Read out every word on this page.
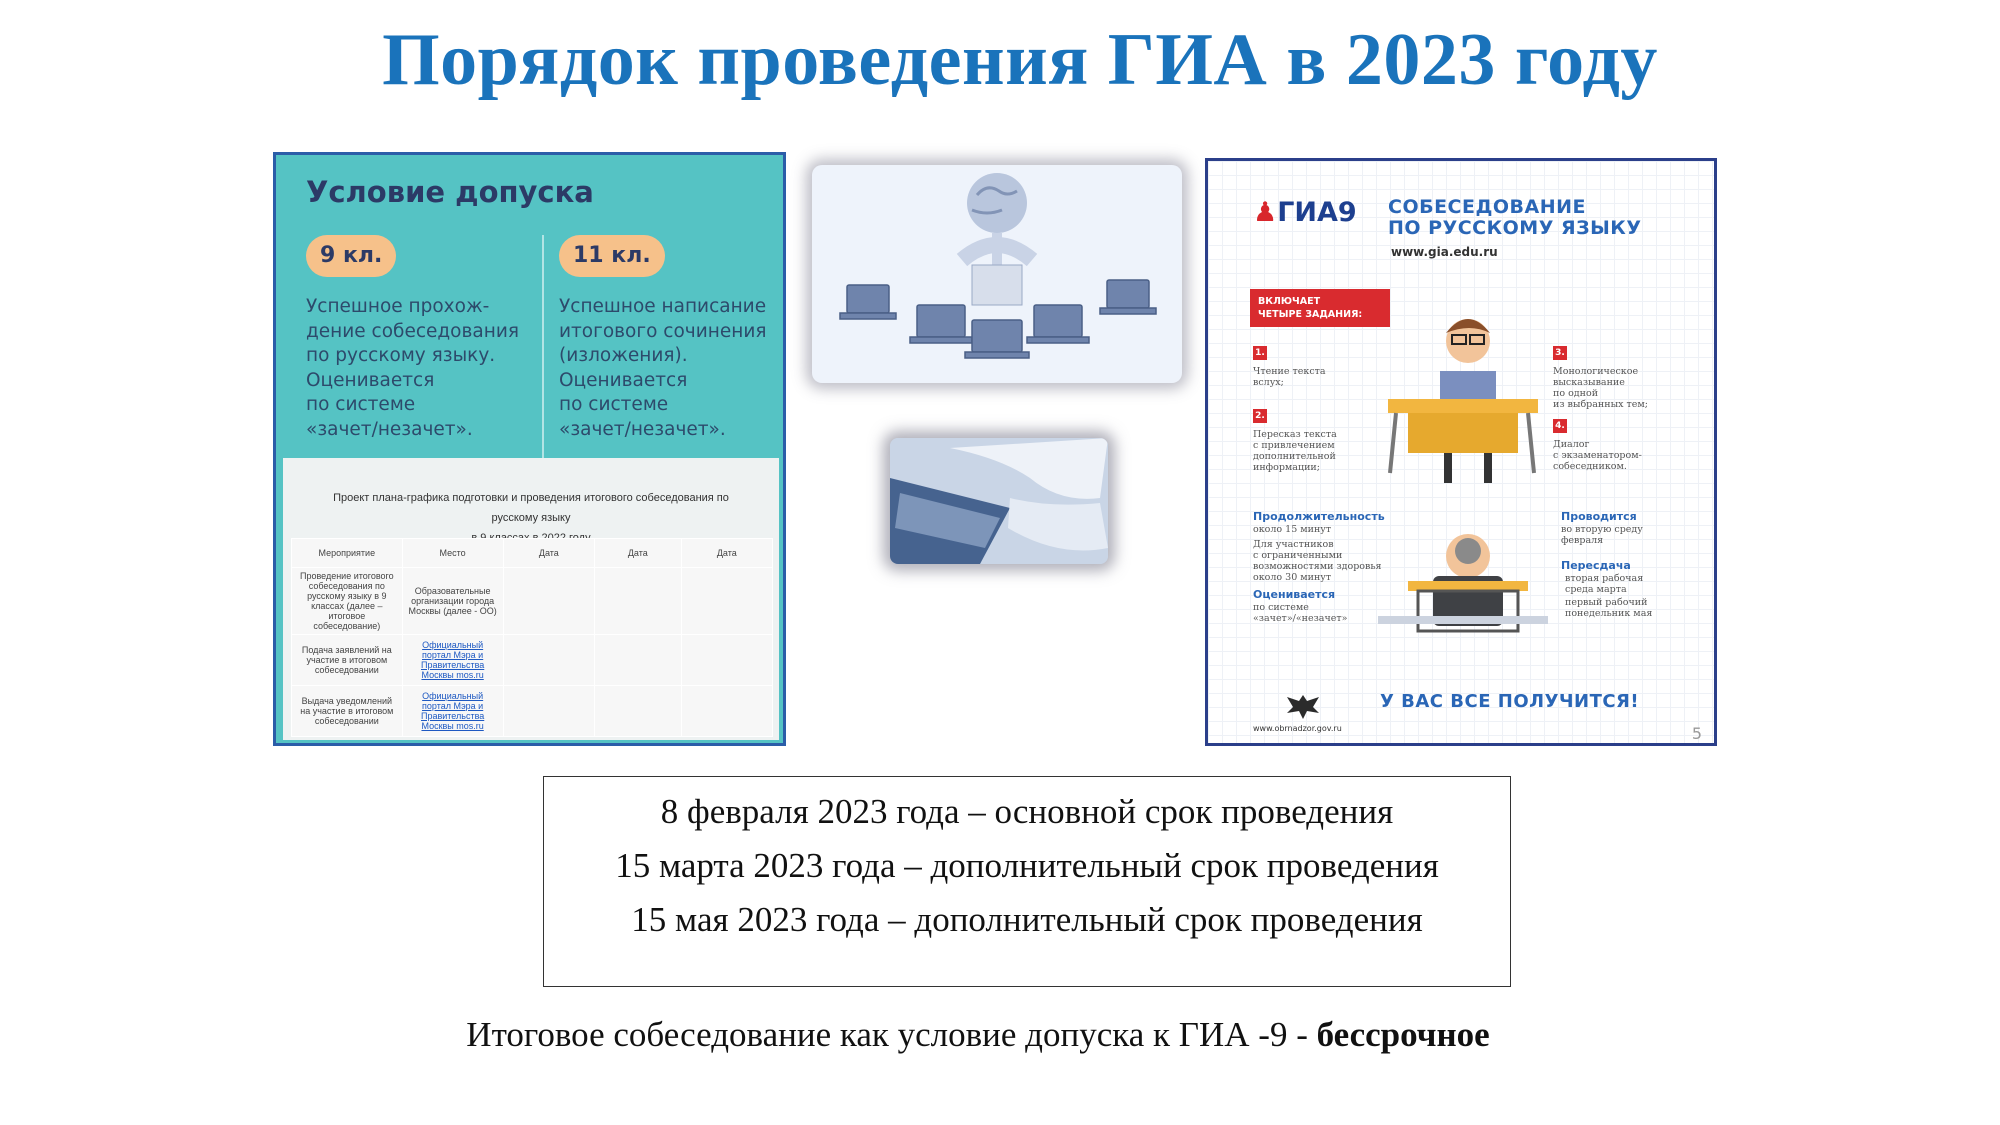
Порядок проведения ГИА в 2023 году
Условие допуска
9 кл.	11 кл.
Успешное прохож-
дение собеседования
по русскому языку.
Оценивается
по системе
«зачет/незачет».
Успешное написание
итогового сочинения
(изложения).
Оценивается
по системе
«зачет/незачет».
Проект плана-графика подготовки и проведения итогового собеседования по русскому языку

Мероприятие	Место	Дата	Дата	Дата
Проведение итогового собеседования по русскому языку в 9 классах (далее – итоговое собеседование)	Образовательные организации города Москвы (далее - ОО)			
Подача заявлений на участие в итоговом собеседовании	Официальный портал Мэра и Правительства Москвы mos.ru			
Выдача уведомлений на участие в итоговом собеседовании	Официальный портал Мэра и Правительства Москвы mos.ru			
♟ГИА9 СОБЕСЕДОВАНИЕ
ПО РУССКОМУ ЯЗЫКУ
www.gia.edu.ru
ВКЛЮЧАЕТ
ЧЕТЫРЕ ЗАДАНИЯ:
1.
Чтение текста
вслух;
2.
Пересказ текста
с привлечением
дополнительной
информации;
3.
Монологическое
высказывание
по одной
из выбранных тем;
4.
Диалог
с экзаменатором-
собеседником.
Продолжительность
около 15 минут
Для участников
с ограниченными
возможностями здоровья
около 30 минут
Оценивается
по системе
«зачет»/«незачет»
Проводится
во вторую среду
февраля
Пересдача
вторая рабочая
среда марта
первый рабочий
понедельник мая
У ВАС ВСЕ ПОЛУЧИТСЯ!
www.obrnadzor.gov.ru	5
8 февраля 2023 года – основной срок проведения
15 марта 2023 года – дополнительный срок проведения
15 мая 2023 года – дополнительный срок проведения
Итоговое собеседование как условие допуска к ГИА -9 - бессрочное
